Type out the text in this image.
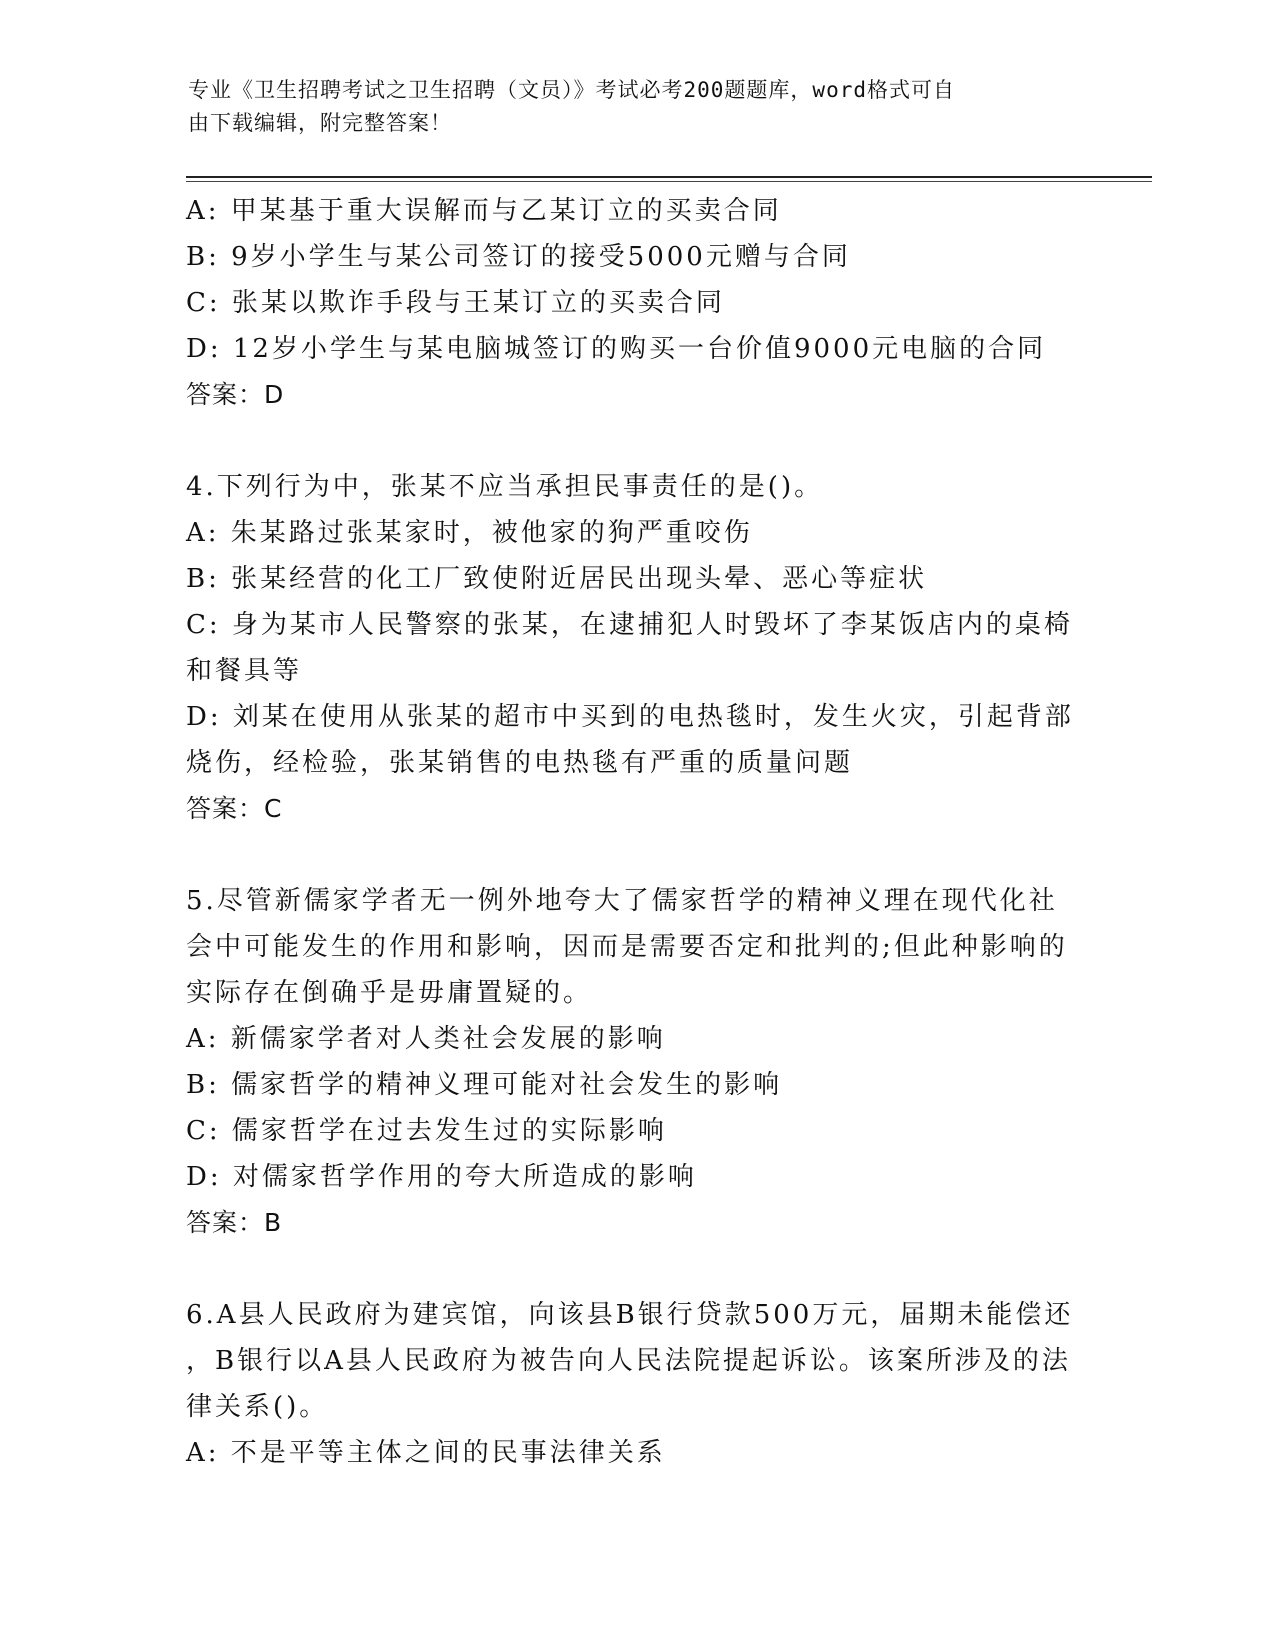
专业《卫生招聘考试之卫生招聘（文员）》考试必考200题题库，word格式可自
由下载编辑，附完整答案！
A: 甲某基于重大误解而与乙某订立的买卖合同
B: 9岁小学生与某公司签订的接受5000元赠与合同
C: 张某以欺诈手段与王某订立的买卖合同
D: 12岁小学生与某电脑城签订的购买一台价值9000元电脑的合同
答案：D
4.下列行为中，张某不应当承担民事责任的是()。
A: 朱某路过张某家时，被他家的狗严重咬伤
B: 张某经营的化工厂致使附近居民出现头晕、恶心等症状
C: 身为某市人民警察的张某，在逮捕犯人时毁坏了李某饭店内的桌椅
和餐具等
D: 刘某在使用从张某的超市中买到的电热毯时，发生火灾，引起背部
烧伤，经检验，张某销售的电热毯有严重的质量问题
答案：C
5.尽管新儒家学者无一例外地夸大了儒家哲学的精神义理在现代化社
会中可能发生的作用和影响，因而是需要否定和批判的;但此种影响的
实际存在倒确乎是毋庸置疑的。
A: 新儒家学者对人类社会发展的影响
B: 儒家哲学的精神义理可能对社会发生的影响
C: 儒家哲学在过去发生过的实际影响
D: 对儒家哲学作用的夸大所造成的影响
答案：B
6.A县人民政府为建宾馆，向该县B银行贷款500万元，届期未能偿还
，B银行以A县人民政府为被告向人民法院提起诉讼。该案所涉及的法
律关系()。
A: 不是平等主体之间的民事法律关系
